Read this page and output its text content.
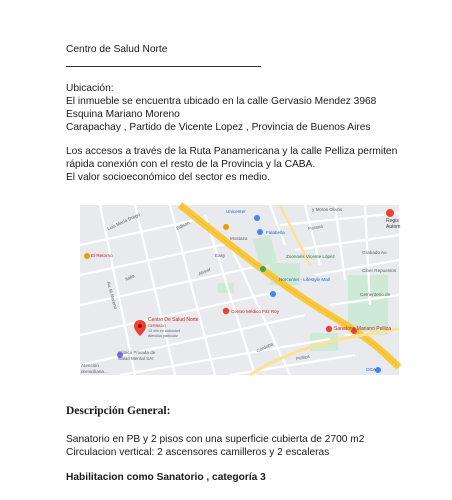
Centro de Salud Norte
Ubicación:
El inmueble se encuentra ubicado en la calle Gervasio Mendez 3968
Esquina Mariano Moreno
Carapachay , Partido de Vicente Lopez , Provincia de Buenos Aires
Los accesos a través de la Ruta Panamericana y la calle Pelliza permiten
rápida conexión con el resto de la Provincia y la CABA.
El valor socioeconómico del sector es medio.
Unicenter	y Motos Olivos
Regis
Autom
Falabella
Mostaza
Grabado Au
Easy
El Retorno	Zoonosis Vicente López
Ciber Repuestos
Norcenter - Lifestyle Mall
Cementerio de
Centro Médico Fitz Roy
Centro De Salud Norte
CERRADO
13 min en automóvil
Atención particular
Sanatorio Mariano Pelliza
Clínica Privada de
Salud Mental SAI
Atención
domiciliaria...	OCA
Luis María Drago	Edison
Italia
Paraná
Av. M Moreno
Pelliza
Alvear
Córdoba
Descripción General:
Sanatorio en PB y 2 pisos con una superficie cubierta de 2700 m2
Circulacion vertical: 2 ascensores camilleros y 2 escaleras
Habilitacion como Sanatorio , categoría 3
